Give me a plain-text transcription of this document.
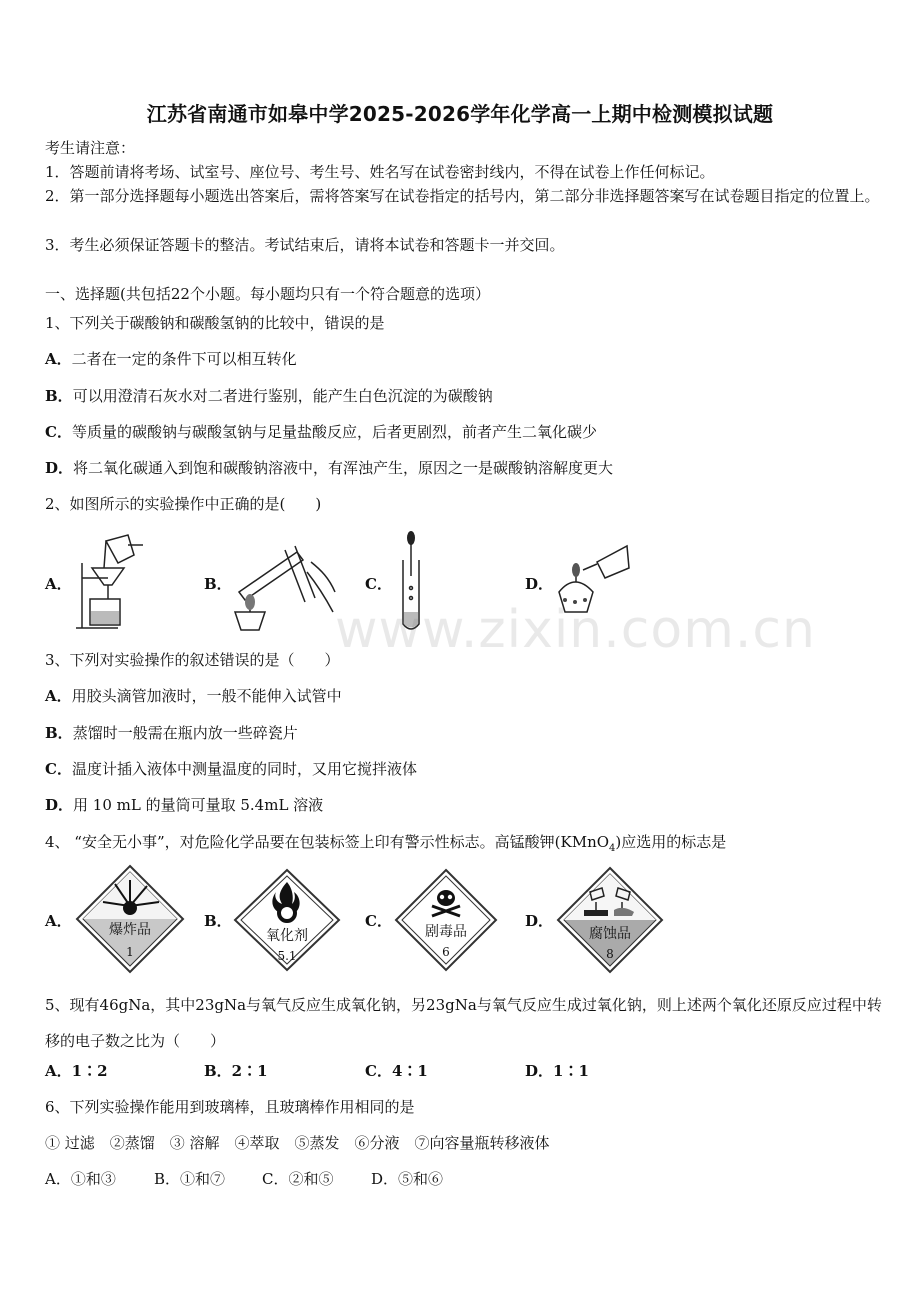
江苏省南通市如皋中学2025-2026学年化学高一上期中检测模拟试题
考生请注意：
1．答题前请将考场、试室号、座位号、考生号、姓名写在试卷密封线内，不得在试卷上作任何标记。
2．第一部分选择题每小题选出答案后，需将答案写在试卷指定的括号内，第二部分非选择题答案写在试卷题目指定的位置上。
3．考生必须保证答题卡的整洁。考试结束后，请将本试卷和答题卡一并交回。
一、选择题(共包括22个小题。每小题均只有一个符合题意的选项）
1、下列关于碳酸钠和碳酸氢钠的比较中，错误的是
A．二者在一定的条件下可以相互转化
B．可以用澄清石灰水对二者进行鉴别，能产生白色沉淀的为碳酸钠
C．等质量的碳酸钠与碳酸氢钠与足量盐酸反应，后者更剧烈，前者产生二氧化碳少
D．将二氧化碳通入到饱和碳酸钠溶液中，有浑浊产生，原因之一是碳酸钠溶解度更大
2、如图所示的实验操作中正确的是(　　)
A．	B．	C．	D．
www.zixin.com.cn
3、下列对实验操作的叙述错误的是（　　）
A．用胶头滴管加液时，一般不能伸入试管中
B．蒸馏时一般需在瓶内放一些碎瓷片
C．温度计插入液体中测量温度的同时，又用它搅拌液体
D．用 10 mL 的量筒可量取 5.4mL 溶液
4、 “安全无小事”，对危险化学品要在包装标签上印有警示性标志。高锰酸钾(KMnO$_4$)应选用的标志是
A．	B．	C．	D．
爆炸品
1
氧化剂
5.1
剧毒品
6
腐蚀品
8
5、现有46gNa，其中23gNa与氧气反应生成氧化钠，另23gNa与氧气反应生成过氧化钠，则上述两个氧化还原反应过程中转移的电子数之比为（　　）
A．1∶2	B．2∶1	C．4∶1	D．1∶1
6、下列实验操作能用到玻璃棒，且玻璃棒作用相同的是
① 过滤　②蒸馏　③ 溶解　④萃取　⑤蒸发　⑥分液　⑦向容量瓶转移液体
A．①和③	B．①和⑦ C．②和⑤	D．⑤和⑥
